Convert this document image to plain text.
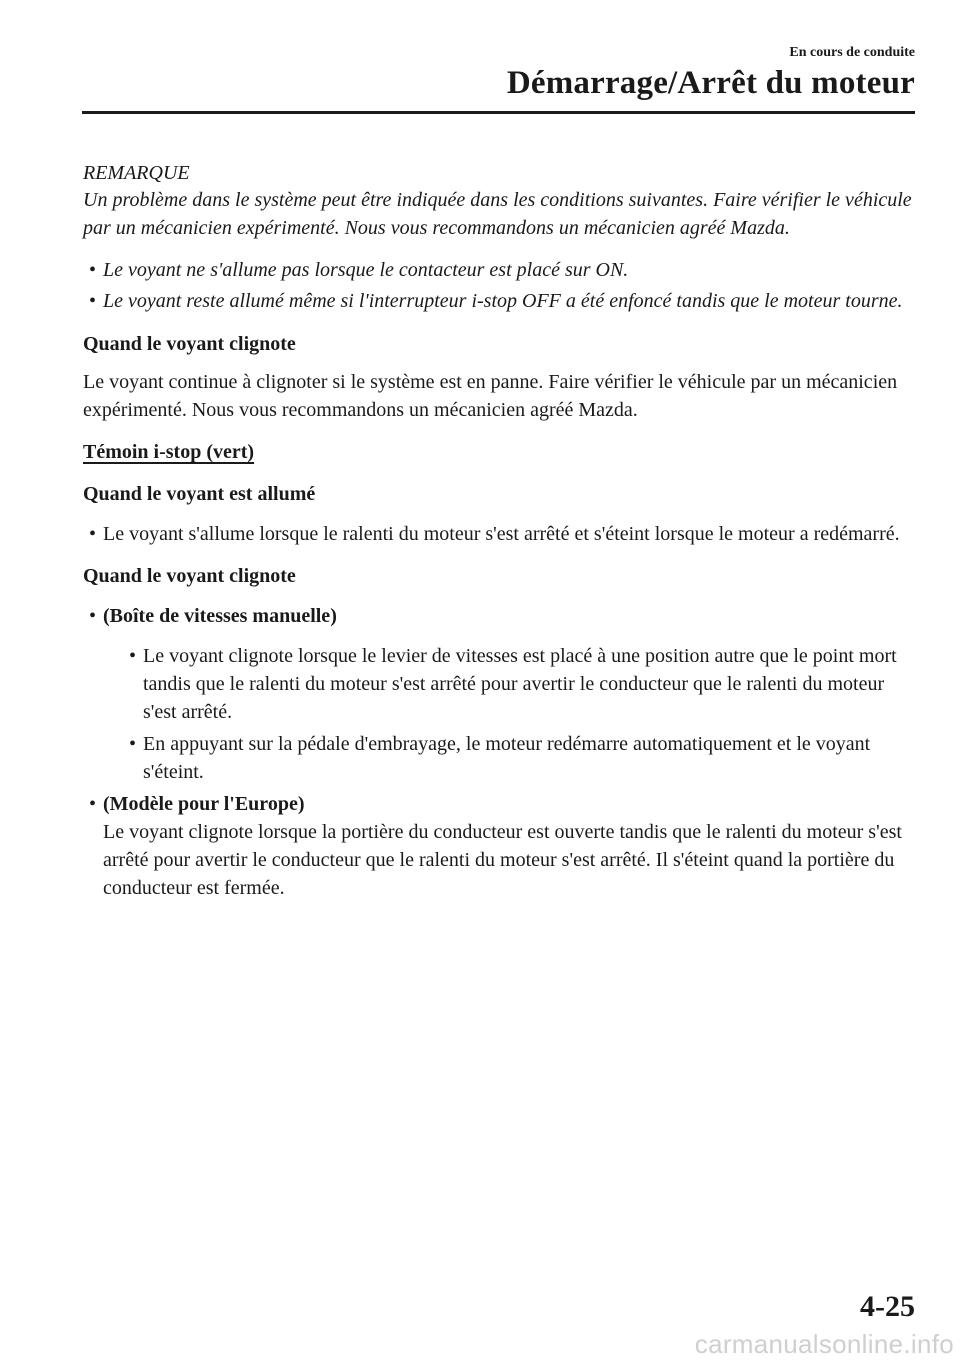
En cours de conduite
Démarrage/Arrêt du moteur
REMARQUE

Un problème dans le système peut être indiquée dans les conditions suivantes. Faire vérifier le véhicule par un mécanicien expérimenté. Nous vous recommandons un mécanicien agréé Mazda.

• Le voyant ne s'allume pas lorsque le contacteur est placé sur ON.
• Le voyant reste allumé même si l'interrupteur i-stop OFF a été enfoncé tandis que le moteur tourne.
Quand le voyant clignote

Le voyant continue à clignoter si le système est en panne. Faire vérifier le véhicule par un mécanicien expérimenté. Nous vous recommandons un mécanicien agréé Mazda.

Témoin i-stop (vert)
Quand le voyant est allumé
• Le voyant s'allume lorsque le ralenti du moteur s'est arrêté et s'éteint lorsque le moteur a redémarré.
Quand le voyant clignote
• (Boîte de vitesses manuelle)
• Le voyant clignote lorsque le levier de vitesses est placé à une position autre que le point mort tandis que le ralenti du moteur s'est arrêté pour avertir le conducteur que le ralenti du moteur s'est arrêté.
• En appuyant sur la pédale d'embrayage, le moteur redémarre automatiquement et le voyant s'éteint.
• (Modèle pour l'Europe)
Le voyant clignote lorsque la portière du conducteur est ouverte tandis que le ralenti du moteur s'est arrêté pour avertir le conducteur que le ralenti du moteur s'est arrêté. Il s'éteint quand la portière du conducteur est fermée.
4-25
carmanualsonline.info
